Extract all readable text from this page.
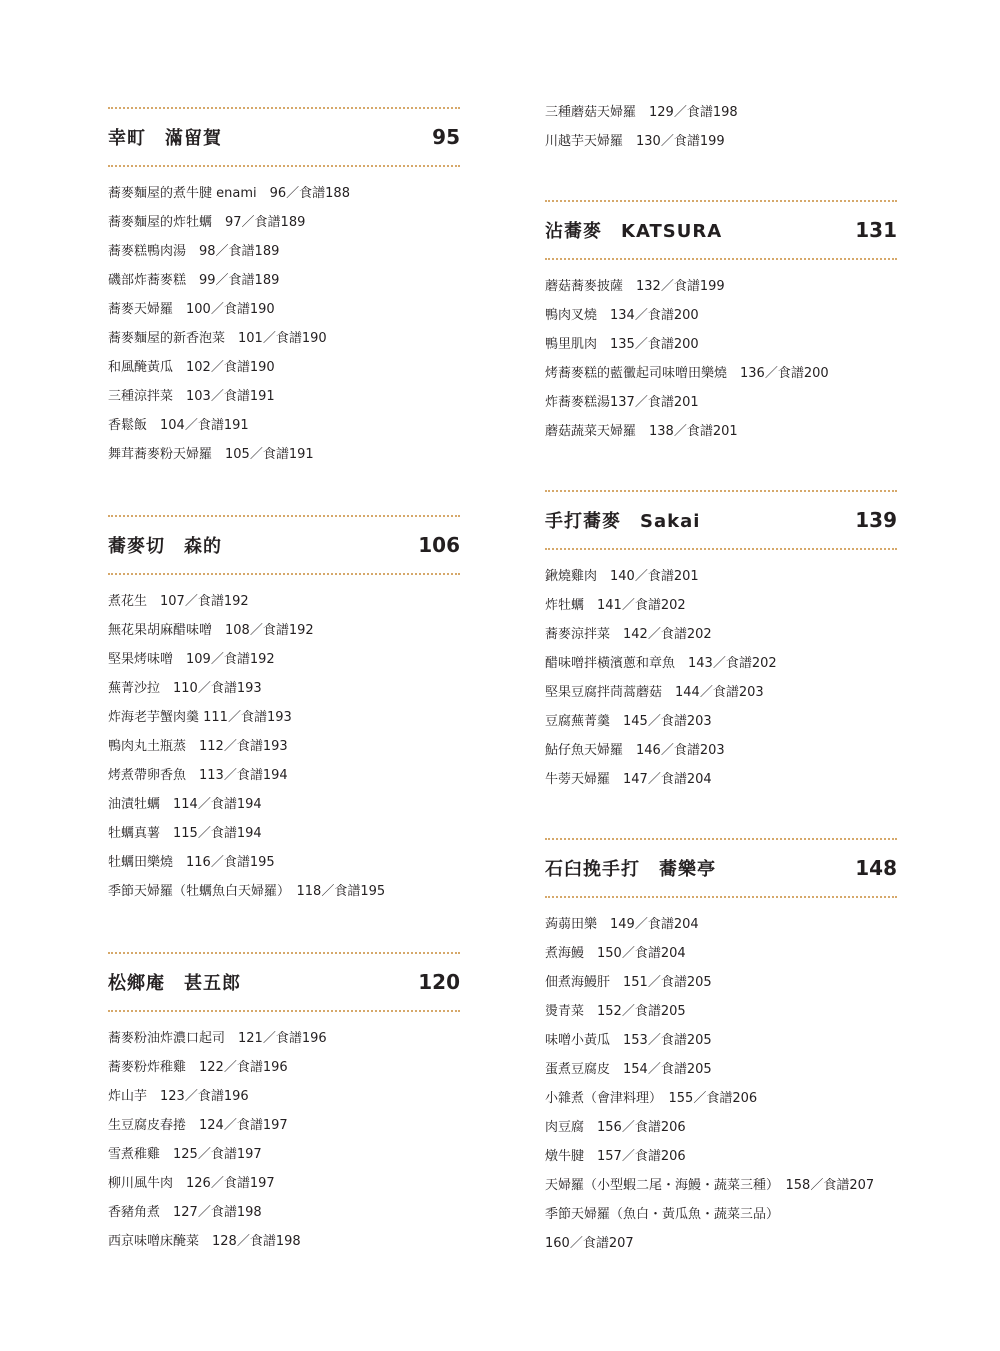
幸町　滿留賀	95
蕎麥麵屋的煮牛腱 enami　96／食譜188
蕎麥麵屋的炸牡蠣　97／食譜189
蕎麥糕鴨肉湯　98／食譜189
磯部炸蕎麥糕　99／食譜189
蕎麥天婦羅　100／食譜190
蕎麥麵屋的新香泡菜　101／食譜190
和風醃黃瓜　102／食譜190
三種涼拌菜　103／食譜191
香鬆飯　104／食譜191
舞茸蕎麥粉天婦羅　105／食譜191
蕎麥切　森的	106
煮花生　107／食譜192
無花果胡麻醋味噌　108／食譜192
堅果烤味噌　109／食譜192
蕪菁沙拉　110／食譜193
炸海老芋蟹肉羹 111／食譜193
鴨肉丸土瓶蒸　112／食譜193
烤煮帶卵香魚　113／食譜194
油漬牡蠣　114／食譜194
牡蠣真薯　115／食譜194
牡蠣田樂燒　116／食譜195
季節天婦羅（牡蠣魚白天婦羅）　118／食譜195
松鄉庵　甚五郎	120
蕎麥粉油炸濃口起司　121／食譜196
蕎麥粉炸稚雞　122／食譜196
炸山芋　123／食譜196
生豆腐皮春捲　124／食譜197
雪煮稚雞　125／食譜197
柳川風牛肉　126／食譜197
香豬角煮　127／食譜198
西京味噌床醃菜　128／食譜198
三種蘑菇天婦羅　129／食譜198
川越芋天婦羅　130／食譜199
沾蕎麥　KATSURA	131
蘑菇蕎麥披薩　132／食譜199
鴨肉叉燒　134／食譜200
鴨里肌肉　135／食譜200
烤蕎麥糕的藍黴起司味噌田樂燒　136／食譜200
炸蕎麥糕湯137／食譜201
蘑菇蔬菜天婦羅　138／食譜201
手打蕎麥　Sakai	139
鍬燒雞肉　140／食譜201
炸牡蠣　141／食譜202
蕎麥涼拌菜　142／食譜202
醋味噌拌橫濱蔥和章魚　143／食譜202
堅果豆腐拌茼蒿蘑菇　144／食譜203
豆腐蕪菁羹　145／食譜203
鮎仔魚天婦羅　146／食譜203
牛蒡天婦羅　147／食譜204
石臼挽手打　蕎樂亭	148
蒟蒻田樂　149／食譜204
煮海鰻　150／食譜204
佃煮海鰻肝　151／食譜205
燙青菜　152／食譜205
味噌小黃瓜　153／食譜205
蛋煮豆腐皮　154／食譜205
小雜煮（會津料理）　155／食譜206
肉豆腐　156／食譜206
燉牛腱　157／食譜206
天婦羅（小型蝦二尾・海鰻・蔬菜三種）　158／食譜207
季節天婦羅（魚白・黃瓜魚・蔬菜三品）
160／食譜207
